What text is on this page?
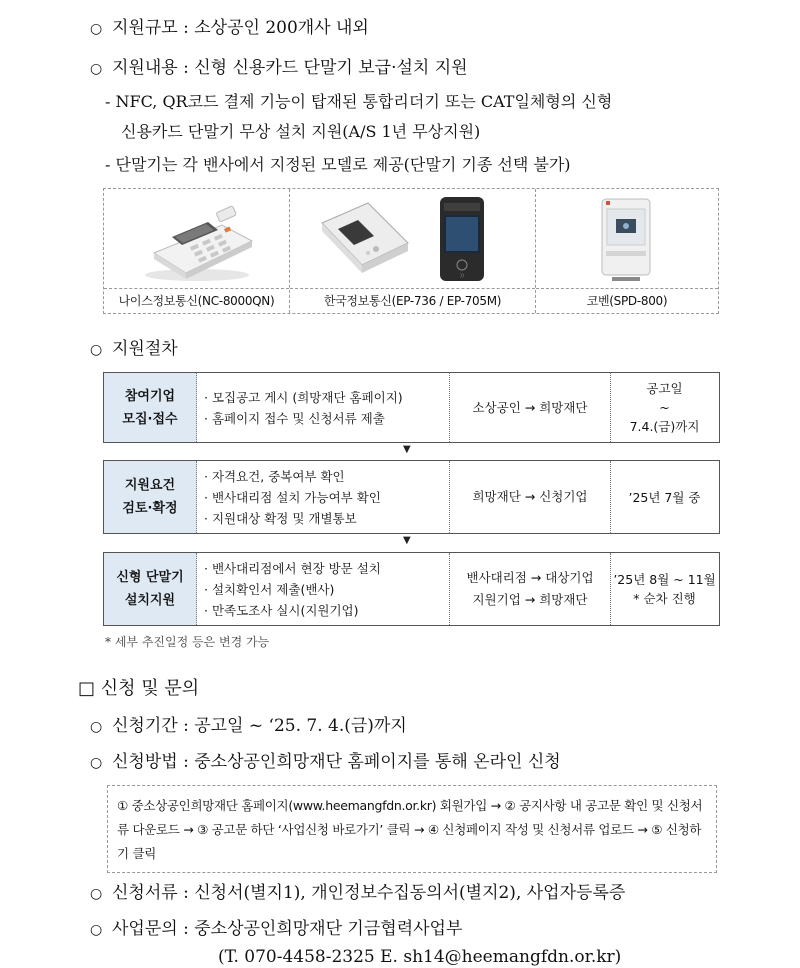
○ 지원규모 : 소상공인 200개사 내외
○ 지원내용 : 신형 신용카드 단말기 보급·설치 지원
- NFC, QR코드 결제 기능이 탑재된 통합리더기 또는 CAT일체형의 신형
신용카드 단말기 무상 설치 지원(A/S 1년 무상지원)
- 단말기는 각 밴사에서 지정된 모델로 제공(단말기 기종 선택 불가)
나이스정보통신(NC-8000QN)
))
한국정보통신(EP-736 / EP-705M)	코벤(SPD-800)
○ 지원절차
참여기업
모집·접수
· 모집공고 게시 (희망재단 홈페이지)
· 홈페이지 접수 및 신청서류 제출
소상공인 → 희망재단
공고일
~
7.4.(금)까지
▼
지원요건
검토·확정
· 자격요건, 중복여부 확인
· 밴사대리점 설치 가능여부 확인
· 지원대상 확정 및 개별통보
희망재단 → 신청기업	’25년 7월 중
▼
신형 단말기
설치지원
· 밴사대리점에서 현장 방문 설치
· 설치확인서 제출(밴사)
· 만족도조사 실시(지원기업)
밴사대리점 → 대상기업
지원기업 → 희망재단
’25년 8월 ~ 11월
* 순차 진행
* 세부 추진일정 등은 변경 가능
□ 신청 및 문의
○ 신청기간 : 공고일 ~ ‘25. 7. 4.(금)까지
○ 신청방법 : 중소상공인희망재단 홈페이지를 통해 온라인 신청
① 중소상공인희망재단 홈페이지(www.heemangfdn.or.kr) 회원가입 → ② 공지사항 내 공고문 확인 및 신청서류 다운로드 → ③ 공고문 하단 ‘사업신청 바로가기’ 클릭 → ④ 신청페이지 작성 및 신청서류 업로드 → ⑤ 신청하기 클릭
○ 신청서류 : 신청서(별지1), 개인정보수집동의서(별지2), 사업자등록증
○ 사업문의 : 중소상공인희망재단 기금협력사업부
(T. 070-4458-2325 E. sh14@heemangfdn.or.kr)
